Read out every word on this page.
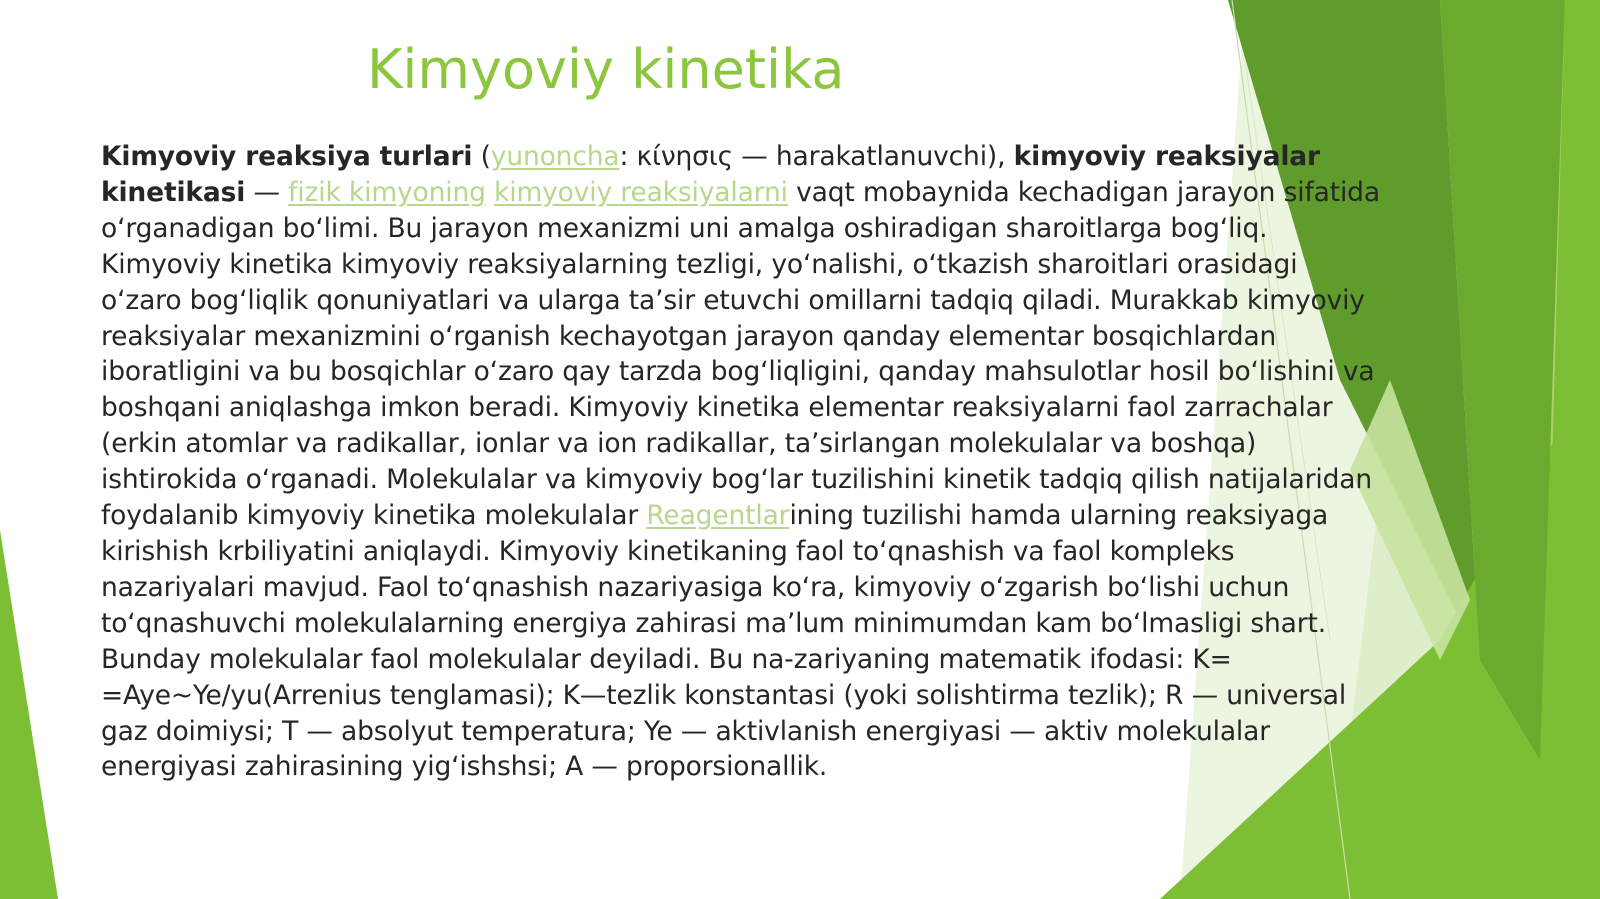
Kimyoviy kinetika

Kimyoviy reaksiya turlari (yunoncha: κίνησις — harakatlanuvchi), kimyoviy reaksiyalar kinetikasi — fizik kimyoning kimyoviy reaksiyalarni vaqt mobaynida kechadigan jarayon sifatida oʻrganadigan boʻlimi. Bu jarayon mexanizmi uni amalga oshiradigan sharoitlarga bogʻliq. Kimyoviy kinetika kimyoviy reaksiyalarning tezligi, yoʻnalishi, oʻtkazish sharoitlari orasidagi oʻzaro bogʻliqlik qonuniyatlari va ularga taʼsir etuvchi omillarni tadqiq qiladi. Murakkab kimyoviy reaksiyalar mexanizmini oʻrganish kechayotgan jarayon qanday elementar bosqichlardan iboratligini va bu bosqichlar oʻzaro qay tarzda bogʻliqligini, qanday mahsulotlar hosil boʻlishini va boshqani aniqlashga imkon beradi. Kimyoviy kinetika elementar reaksiyalarni faol zarrachalar (erkin atomlar va radikallar, ionlar va ion radikallar, taʼsirlangan molekulalar va boshqa) ishtirokida oʻrganadi. Molekulalar va kimyoviy bogʻlar tuzilishini kinetik tadqiq qilish natijalaridan foydalanib kimyoviy kinetika molekulalar Reagentlarining tuzilishi hamda ularning reaksiyaga kirishish krbiliyatini aniqlaydi. Kimyoviy kinetikaning faol toʻqnashish va faol kompleks nazariyalari mavjud. Faol toʻqnashish nazariyasiga koʻra, kimyoviy oʻzgarish boʻlishi uchun toʻqnashuvchi molekulalarning energiya zahirasi maʼlum minimumdan kam boʻlmasligi shart. Bunday molekulalar faol molekulalar deyiladi. Bu na-zariyaning matematik ifodasi: K= =Aye~Ye/yu(Arrenius tenglamasi); K—tezlik konstantasi (yoki solishtirma tezlik); R — universal gaz doimiysi; T — absolyut temperatura; Ye — aktivlanish energiyasi — aktiv molekulalar energiyasi zahirasining yigʻishshsi; A — proporsionallik.
